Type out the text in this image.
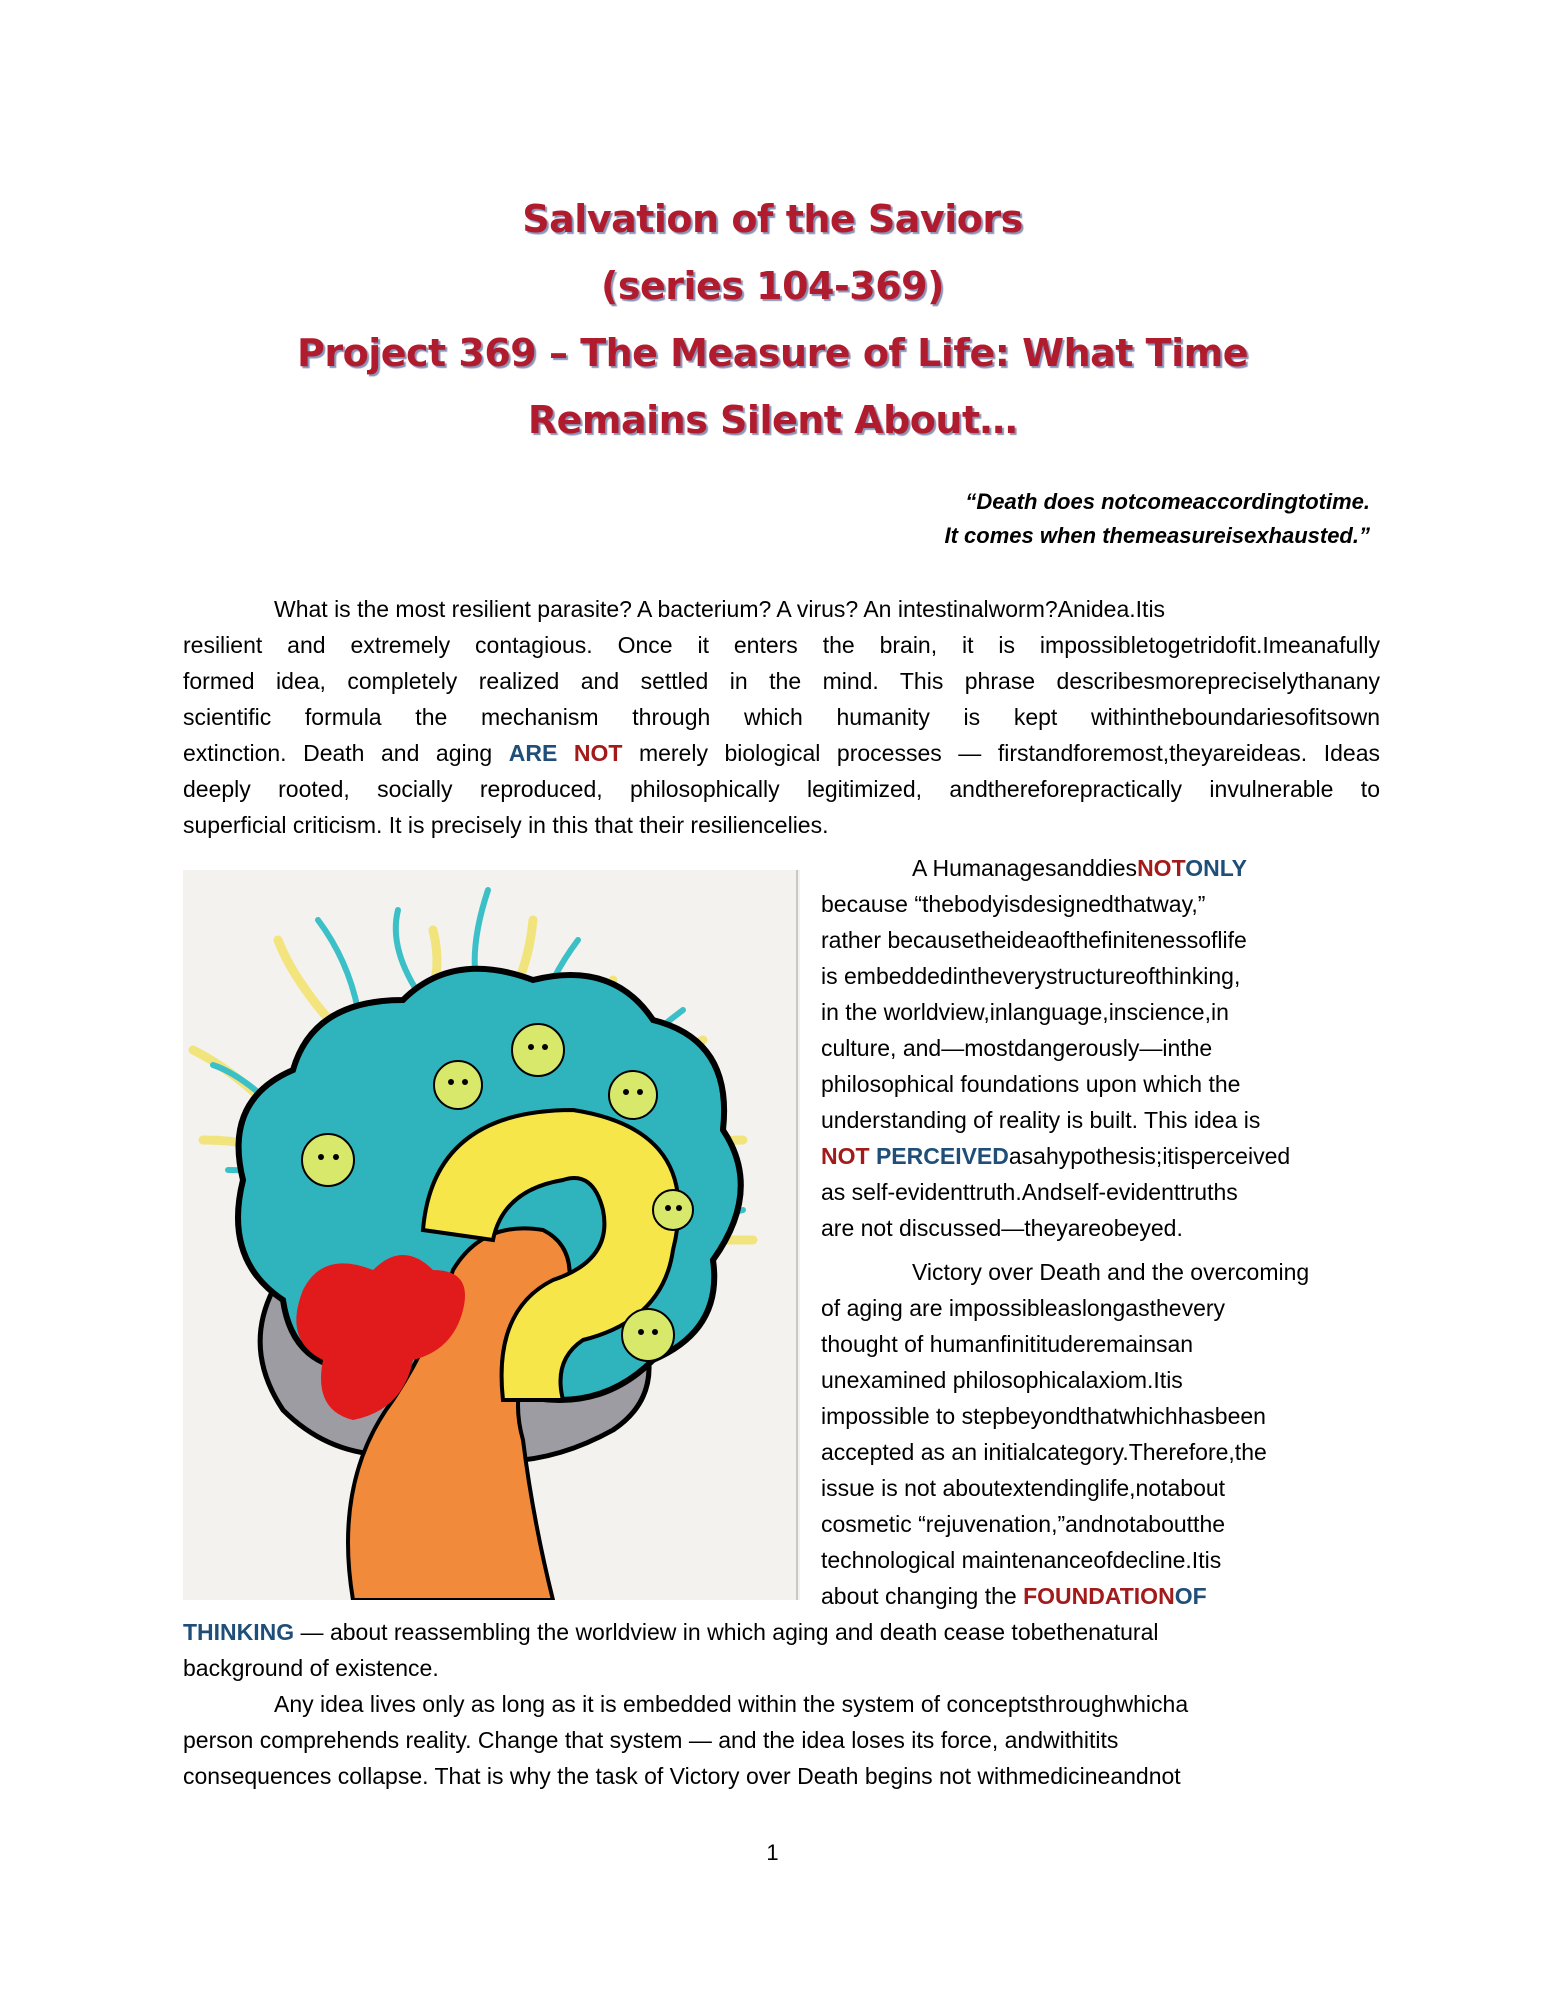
Salvation of the Saviors
(series 104-369)
Project 369 – The Measure of Life: What Time
Remains Silent About…
“Death does notcomeaccordingtotime.
It comes when themeasureisexhausted.”
What is the most resilient parasite? A bacterium? A virus? An intestinalworm?Anidea.Itis
resilient and extremely contagious. Once it enters the brain, it is impossibletogetridofit.Imeanafully
formed idea, completely realized and settled in the mind. This phrase describesmorepreciselythanany
scientific formula the mechanism through which humanity is kept withintheboundariesofitsown
extinction. Death and aging ARE NOT merely biological processes — firstandforemost,theyareideas. Ideas
deeply rooted, socially reproduced, philosophically legitimized, andthereforepractically invulnerable to
superficial criticism. It is precisely in this that their resiliencelies.
A HumanagesanddiesNOTONLY
because “thebodyisdesignedthatway,”
rather becausetheideaofthefinitenessoflife
is embeddedintheverystructureofthinking,
in the worldview,inlanguage,inscience,in
culture, and—mostdangerously—inthe
philosophical foundations upon which the
understanding of reality is built. This idea is
NOT PERCEIVEDasahypothesis;itisperceived
as self-evidenttruth.Andself-evidenttruths
are not discussed—theyareobeyed.
Victory over Death and the overcoming
of aging are impossibleaslongasthevery
thought of humanfinitituderemainsan
unexamined philosophicalaxiom.Itis
impossible to stepbeyondthatwhichhasbeen
accepted as an initialcategory.Therefore,the
issue is not aboutextendinglife,notabout
cosmetic “rejuvenation,”andnotaboutthe
technological maintenanceofdecline.Itis
about changing the FOUNDATIONOF
THINKING — about reassembling the worldview in which aging and death cease tobethenatural
background of existence.
Any idea lives only as long as it is embedded within the system of conceptsthroughwhicha
person comprehends reality. Change that system — and the idea loses its force, andwithitits
consequences collapse. That is why the task of Victory over Death begins not withmedicineandnot
1
